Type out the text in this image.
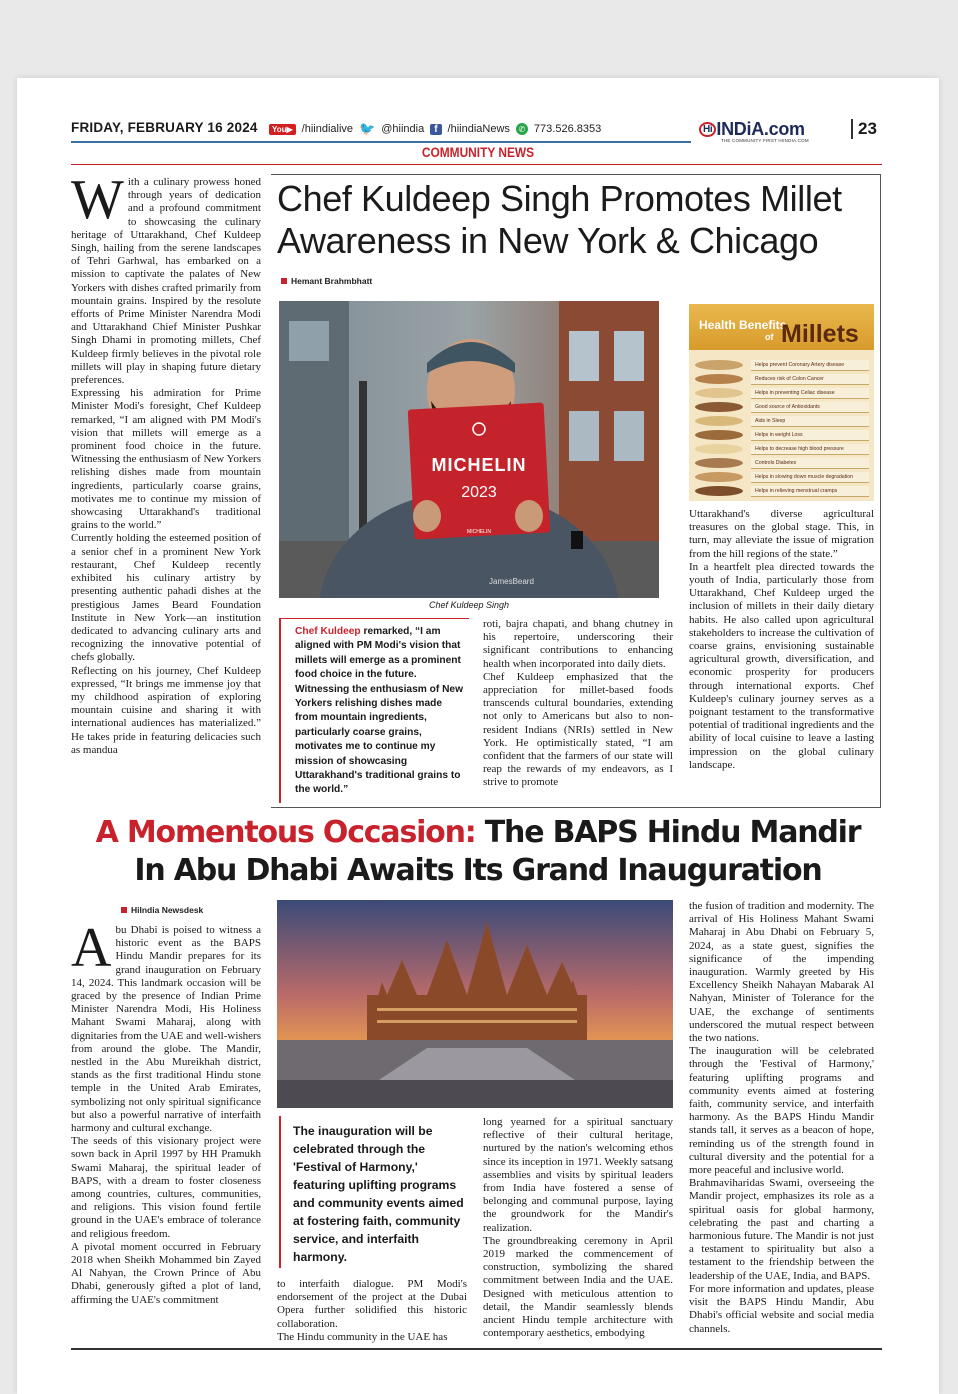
FRIDAY, FEBRUARY 16 2024	You▶ /hiindialive 🐦 @hiindia	f /hiindiaNews	✆ 773.526.8353	Hi INDiA.com
THE COMMUNITY FIRST HIINDIA.COM
23
COMMUNITY NEWS
W ith a culinary prowess honed through years of dedication and a profound commitment to showcasing the culinary heritage of Uttarakhand, Chef Kuldeep Singh, hailing from the serene landscapes of Tehri Garhwal, has embarked on a mission to captivate the palates of New Yorkers with dishes crafted primarily from mountain grains. Inspired by the resolute efforts of Prime Minister Narendra Modi and Uttarakhand Chief Minister Pushkar Singh Dhami in promoting millets, Chef Kuldeep firmly believes in the pivotal role millets will play in shaping future dietary preferences.

Expressing his admiration for Prime Minister Modi's foresight, Chef Kuldeep remarked, “I am aligned with PM Modi's vision that millets will emerge as a prominent food choice in the future. Witnessing the enthusiasm of New Yorkers relishing dishes made from mountain ingredients, particularly coarse grains, motivates me to continue my mission of showcasing Uttarakhand's traditional grains to the world.”

Currently holding the esteemed position of a senior chef in a prominent New York restaurant, Chef Kuldeep recently exhibited his culinary artistry by presenting authentic pahadi dishes at the prestigious James Beard Foundation Institute in New York—an institution dedicated to advancing culinary arts and recognizing the innovative potential of chefs globally.

Reflecting on his journey, Chef Kuldeep expressed, “It brings me immense joy that my childhood aspiration of exploring mountain cuisine and sharing it with international audiences has materialized.” He takes pride in featuring delicacies such as mandua

Chef Kuldeep Singh Promotes Millet Awareness in New York & Chicago
Hemant Brahmbhatt
MICHELIN
2023
MICHELIN
JamesBeard
Chef Kuldeep Singh
Chef Kuldeep remarked, “I am aligned with PM Modi's vision that millets will emerge as a prominent food choice in the future. Witnessing the enthusiasm of New Yorkers relishing dishes made from mountain ingredients, particularly coarse grains, motivates me to continue my mission of showcasing Uttarakhand's traditional grains to the world.”

roti, bajra chapati, and bhang chutney in his repertoire, underscoring their significant contributions to enhancing health when incorporated into daily diets.

Chef Kuldeep emphasized that the appreciation for millet-based foods transcends cultural boundaries, extending not only to Americans but also to non-resident Indians (NRIs) settled in New York. He optimistically stated, “I am confident that the farmers of our state will reap the rewards of my endeavors, as I strive to promote

Health Benefits
of Millets
Helps prevent Coronary Artery disease
Reduces risk of Colon Cancer
Helps in preventing Celiac disease
Good source of Antioxidants
Aids in Sleep
Helps in weight Loss
Helps to decrease high blood pressure
Controls Diabetes
Helps in slowing down muscle degradation
Helps in relieving menstrual cramps

Uttarakhand's diverse agricultural treasures on the global stage. This, in turn, may alleviate the issue of migration from the hill regions of the state.”

In a heartfelt plea directed towards the youth of India, particularly those from Uttarakhand, Chef Kuldeep urged the inclusion of millets in their daily dietary habits. He also called upon agricultural stakeholders to increase the cultivation of coarse grains, envisioning sustainable agricultural growth, diversification, and economic prosperity for producers through international exports. Chef Kuldeep's culinary journey serves as a poignant testament to the transformative potential of traditional ingredients and the ability of local cuisine to leave a lasting impression on the global culinary landscape.

A Momentous Occasion: The BAPS Hindu Mandir
In Abu Dhabi Awaits Its Grand Inauguration
HiIndia Newsdesk
A bu Dhabi is poised to witness a historic event as the BAPS Hindu Mandir prepares for its grand inauguration on February 14, 2024. This landmark occasion will be graced by the presence of Indian Prime Minister Narendra Modi, His Holiness Mahant Swami Maharaj, along with dignitaries from the UAE and well-wishers from around the globe. The Mandir, nestled in the Abu Mureikhah district, stands as the first traditional Hindu stone temple in the United Arab Emirates, symbolizing not only spiritual significance but also a powerful narrative of interfaith harmony and cultural exchange.

The seeds of this visionary project were sown back in April 1997 by HH Pramukh Swami Maharaj, the spiritual leader of BAPS, with a dream to foster closeness among countries, cultures, communities, and religions. This vision found fertile ground in the UAE's embrace of tolerance and religious freedom.

A pivotal moment occurred in February 2018 when Sheikh Mohammed bin Zayed Al Nahyan, the Crown Prince of Abu Dhabi, generously gifted a plot of land, affirming the UAE's commitment

The inauguration will be celebrated through the 'Festival of Harmony,' featuring uplifting programs and community events aimed at fostering faith, community service, and interfaith harmony.

to interfaith dialogue. PM Modi's endorsement of the project at the Dubai Opera further solidified this historic collaboration.

The Hindu community in the UAE has

long yearned for a spiritual sanctuary reflective of their cultural heritage, nurtured by the nation's welcoming ethos since its inception in 1971. Weekly satsang assemblies and visits by spiritual leaders from India have fostered a sense of belonging and communal purpose, laying the groundwork for the Mandir's realization.

The groundbreaking ceremony in April 2019 marked the commencement of construction, symbolizing the shared commitment between India and the UAE. Designed with meticulous attention to detail, the Mandir seamlessly blends ancient Hindu temple architecture with contemporary aesthetics, embodying

the fusion of tradition and modernity. The arrival of His Holiness Mahant Swami Maharaj in Abu Dhabi on February 5, 2024, as a state guest, signifies the significance of the impending inauguration. Warmly greeted by His Excellency Sheikh Nahayan Mabarak Al Nahyan, Minister of Tolerance for the UAE, the exchange of sentiments underscored the mutual respect between the two nations.

The inauguration will be celebrated through the 'Festival of Harmony,' featuring uplifting programs and community events aimed at fostering faith, community service, and interfaith harmony. As the BAPS Hindu Mandir stands tall, it serves as a beacon of hope, reminding us of the strength found in cultural diversity and the potential for a more peaceful and inclusive world.

Brahmaviharidas Swami, overseeing the Mandir project, emphasizes its role as a spiritual oasis for global harmony, celebrating the past and charting a harmonious future. The Mandir is not just a testament to spirituality but also a testament to the friendship between the leadership of the UAE, India, and BAPS.

For more information and updates, please visit the BAPS Hindu Mandir, Abu Dhabi's official website and social media channels.
